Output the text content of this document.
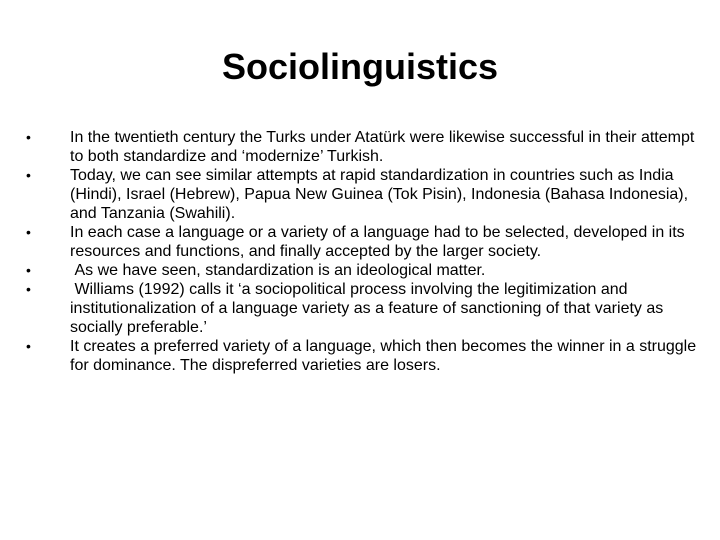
Sociolinguistics
•	In the twentieth century the Turks under Atatürk were likewise successful in their attempt to both standardize and ‘modernize’ Turkish.
•	Today, we can see similar attempts at rapid standardization in countries such as India (Hindi), Israel (Hebrew), Papua New Guinea (Tok Pisin), Indonesia (Bahasa Indonesia), and Tanzania (Swahili).
•	In each case a language or a variety of a language had to be selected, developed in its resources and functions, and finally accepted by the larger society.
•	As we have seen, standardization is an ideological matter.
•	Williams (1992) calls it ‘a sociopolitical process involving the legitimization and institutionalization of a language variety as a feature of sanctioning of that variety as socially preferable.’
•	It creates a preferred variety of a language, which then becomes the winner in a struggle for dominance. The dispreferred varieties are losers.
